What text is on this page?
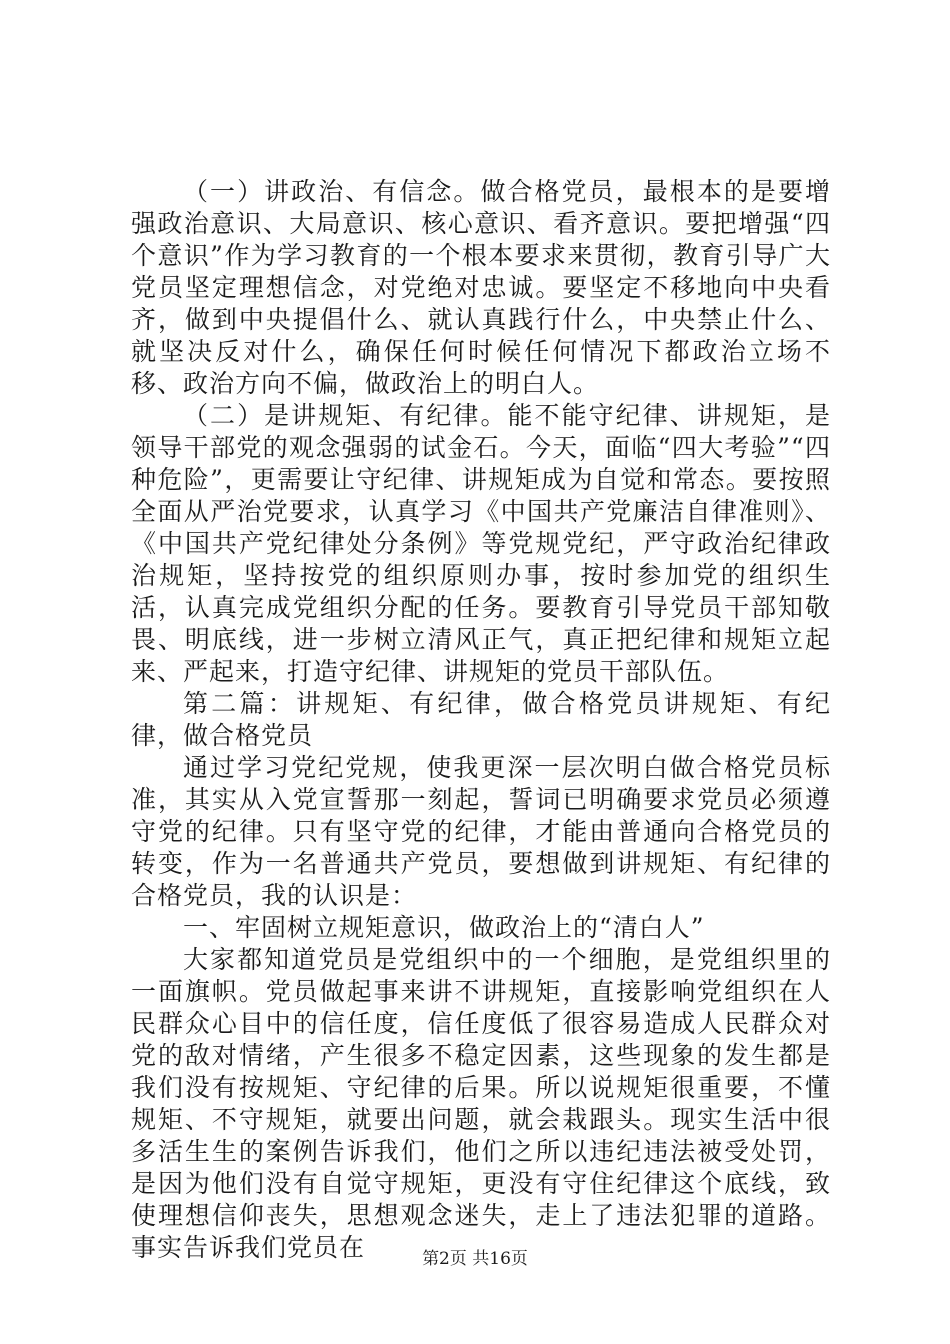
（一）讲政治、有信念。做合格党员，最根本的是要增强政治意识、大局意识、核心意识、看齐意识。要把增强“四个意识”作为学习教育的一个根本要求来贯彻，教育引导广大党员坚定理想信念，对党绝对忠诚。要坚定不移地向中央看齐，做到中央提倡什么、就认真践行什么，中央禁止什么、就坚决反对什么，确保任何时候任何情况下都政治立场不移、政治方向不偏，做政治上的明白人。

（二）是讲规矩、有纪律。能不能守纪律、讲规矩，是领导干部党的观念强弱的试金石。今天，面临“四大考验”“四种危险”，更需要让守纪律、讲规矩成为自觉和常态。要按照全面从严治党要求，认真学习《中国共产党廉洁自律准则》、《中国共产党纪律处分条例》等党规党纪，严守政治纪律政治规矩，坚持按党的组织原则办事，按时参加党的组织生活，认真完成党组织分配的任务。要教育引导党员干部知敬畏、明底线，进一步树立清风正气，真正把纪律和规矩立起来、严起来，打造守纪律、讲规矩的党员干部队伍。

第二篇：讲规矩、有纪律，做合格党员讲规矩、有纪律，做合格党员

通过学习党纪党规，使我更深一层次明白做合格党员标准，其实从入党宣誓那一刻起，誓词已明确要求党员必须遵守党的纪律。只有坚守党的纪律，才能由普通向合格党员的转变，作为一名普通共产党员，要想做到讲规矩、有纪律的合格党员，我的认识是：

一、牢固树立规矩意识，做政治上的“清白人”

大家都知道党员是党组织中的一个细胞，是党组织里的一面旗帜。党员做起事来讲不讲规矩，直接影响党组织在人民群众心目中的信任度，信任度低了很容易造成人民群众对党的敌对情绪，产生很多不稳定因素，这些现象的发生都是我们没有按规矩、守纪律的后果。所以说规矩很重要，不懂规矩、不守规矩，就要出问题，就会栽跟头。现实生活中很多活生生的案例告诉我们，他们之所以违纪违法被受处罚，是因为他们没有自觉守规矩，更没有守住纪律这个底线，致使理想信仰丧失，思想观念迷失，走上了违法犯罪的道路。事实告诉我们党员在	第2页 共16页
